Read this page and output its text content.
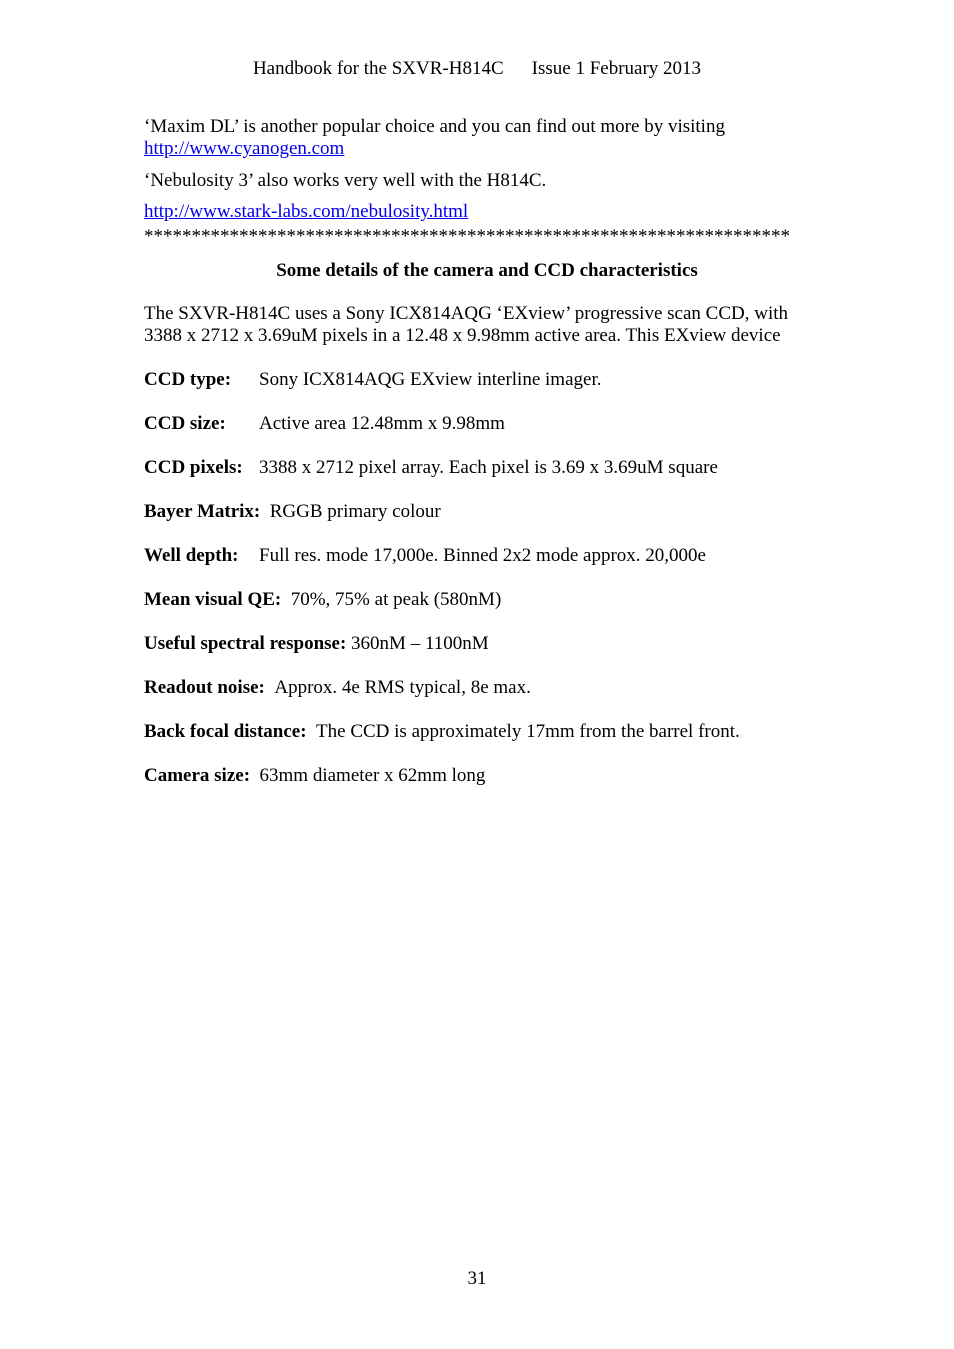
Handbook for the SXVR-H814C Issue 1 February 2013

‘Maxim DL’ is another popular choice and you can find out more by visiting
http://www.cyanogen.com

‘Nebulosity 3’ also works very well with the H814C.

http://www.stark-labs.com/nebulosity.html

********************************************************************

Some details of the camera and CCD characteristics

The SXVR-H814C uses a Sony ICX814AQG ‘EXview’ progressive scan CCD, with
3388 x 2712 x 3.69uM pixels in a 12.48 x 9.98mm active area. This EXview device

CCD type: Sony ICX814AQG EXview interline imager.

CCD size: Active area 12.48mm x 9.98mm

CCD pixels: 3388 x 2712 pixel array. Each pixel is 3.69 x 3.69uM square

Bayer Matrix: RGGB primary colour

Well depth: Full res. mode 17,000e. Binned 2x2 mode approx. 20,000e

Mean visual QE: 70%, 75% at peak (580nM)

Useful spectral response: 360nM – 1100nM

Readout noise: Approx. 4e RMS typical, 8e max.

Back focal distance: The CCD is approximately 17mm from the barrel front.

Camera size: 63mm diameter x 62mm long

31
